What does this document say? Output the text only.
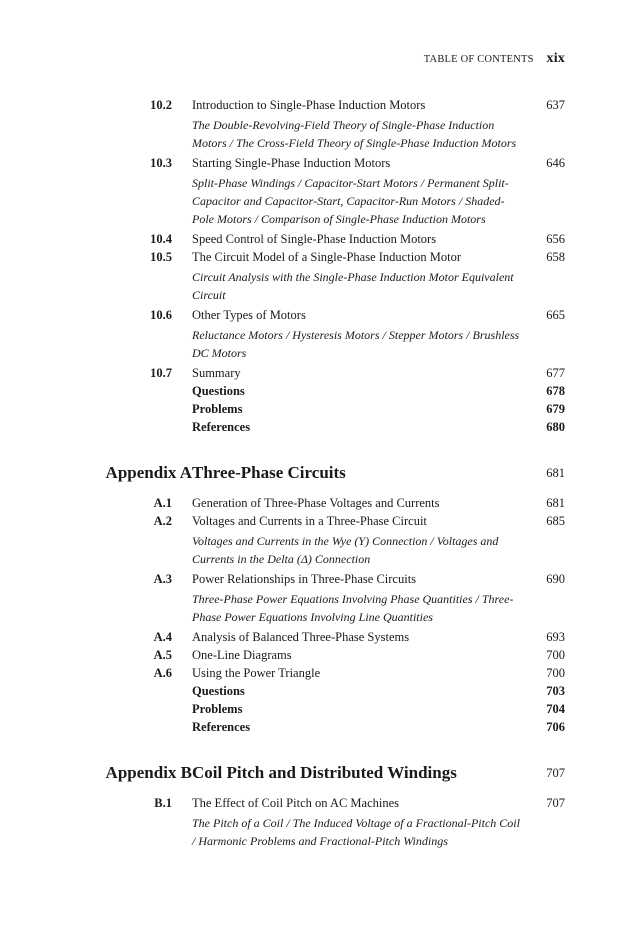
TABLE OF CONTENTS xix
10.2 Introduction to Single-Phase Induction Motors	637
The Double-Revolving-Field Theory of Single-Phase Induction Motors / The Cross-Field Theory of Single-Phase Induction Motors
10.3 Starting Single-Phase Induction Motors	646
Split-Phase Windings / Capacitor-Start Motors / Permanent Split-Capacitor and Capacitor-Start, Capacitor-Run Motors / Shaded-Pole Motors / Comparison of Single-Phase Induction Motors
10.4 Speed Control of Single-Phase Induction Motors	656
10.5 The Circuit Model of a Single-Phase Induction Motor	658
Circuit Analysis with the Single-Phase Induction Motor Equivalent Circuit
10.6 Other Types of Motors	665
Reluctance Motors / Hysteresis Motors / Stepper Motors / Brushless DC Motors
10.7 Summary	677
Questions	678
Problems	679
References	680
Appendix A Three-Phase Circuits	681
A.1 Generation of Three-Phase Voltages and Currents	681
A.2 Voltages and Currents in a Three-Phase Circuit	685
Voltages and Currents in the Wye (Y) Connection / Voltages and Currents in the Delta (Δ) Connection
A.3 Power Relationships in Three-Phase Circuits	690
Three-Phase Power Equations Involving Phase Quantities / Three-Phase Power Equations Involving Line Quantities
A.4 Analysis of Balanced Three-Phase Systems	693
A.5 One-Line Diagrams	700
A.6 Using the Power Triangle	700
Questions	703
Problems	704
References	706
Appendix B Coil Pitch and Distributed Windings	707
B.1 The Effect of Coil Pitch on AC Machines	707
The Pitch of a Coil / The Induced Voltage of a Fractional-Pitch Coil / Harmonic Problems and Fractional-Pitch Windings
